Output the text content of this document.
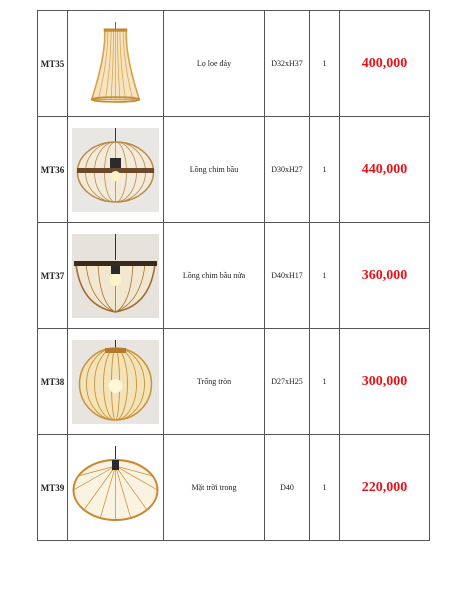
MT35		Lọ loe đáy	D32xH37	1	400,000
MT36		Lồng chim bầu	D30xH27	1	440,000
MT37		Lồng chim bầu nửa	D40xH17	1	360,000
MT38		Trống tròn	D27xH25	1	300,000
MT39		Mặt trời trong	D40	1	220,000
